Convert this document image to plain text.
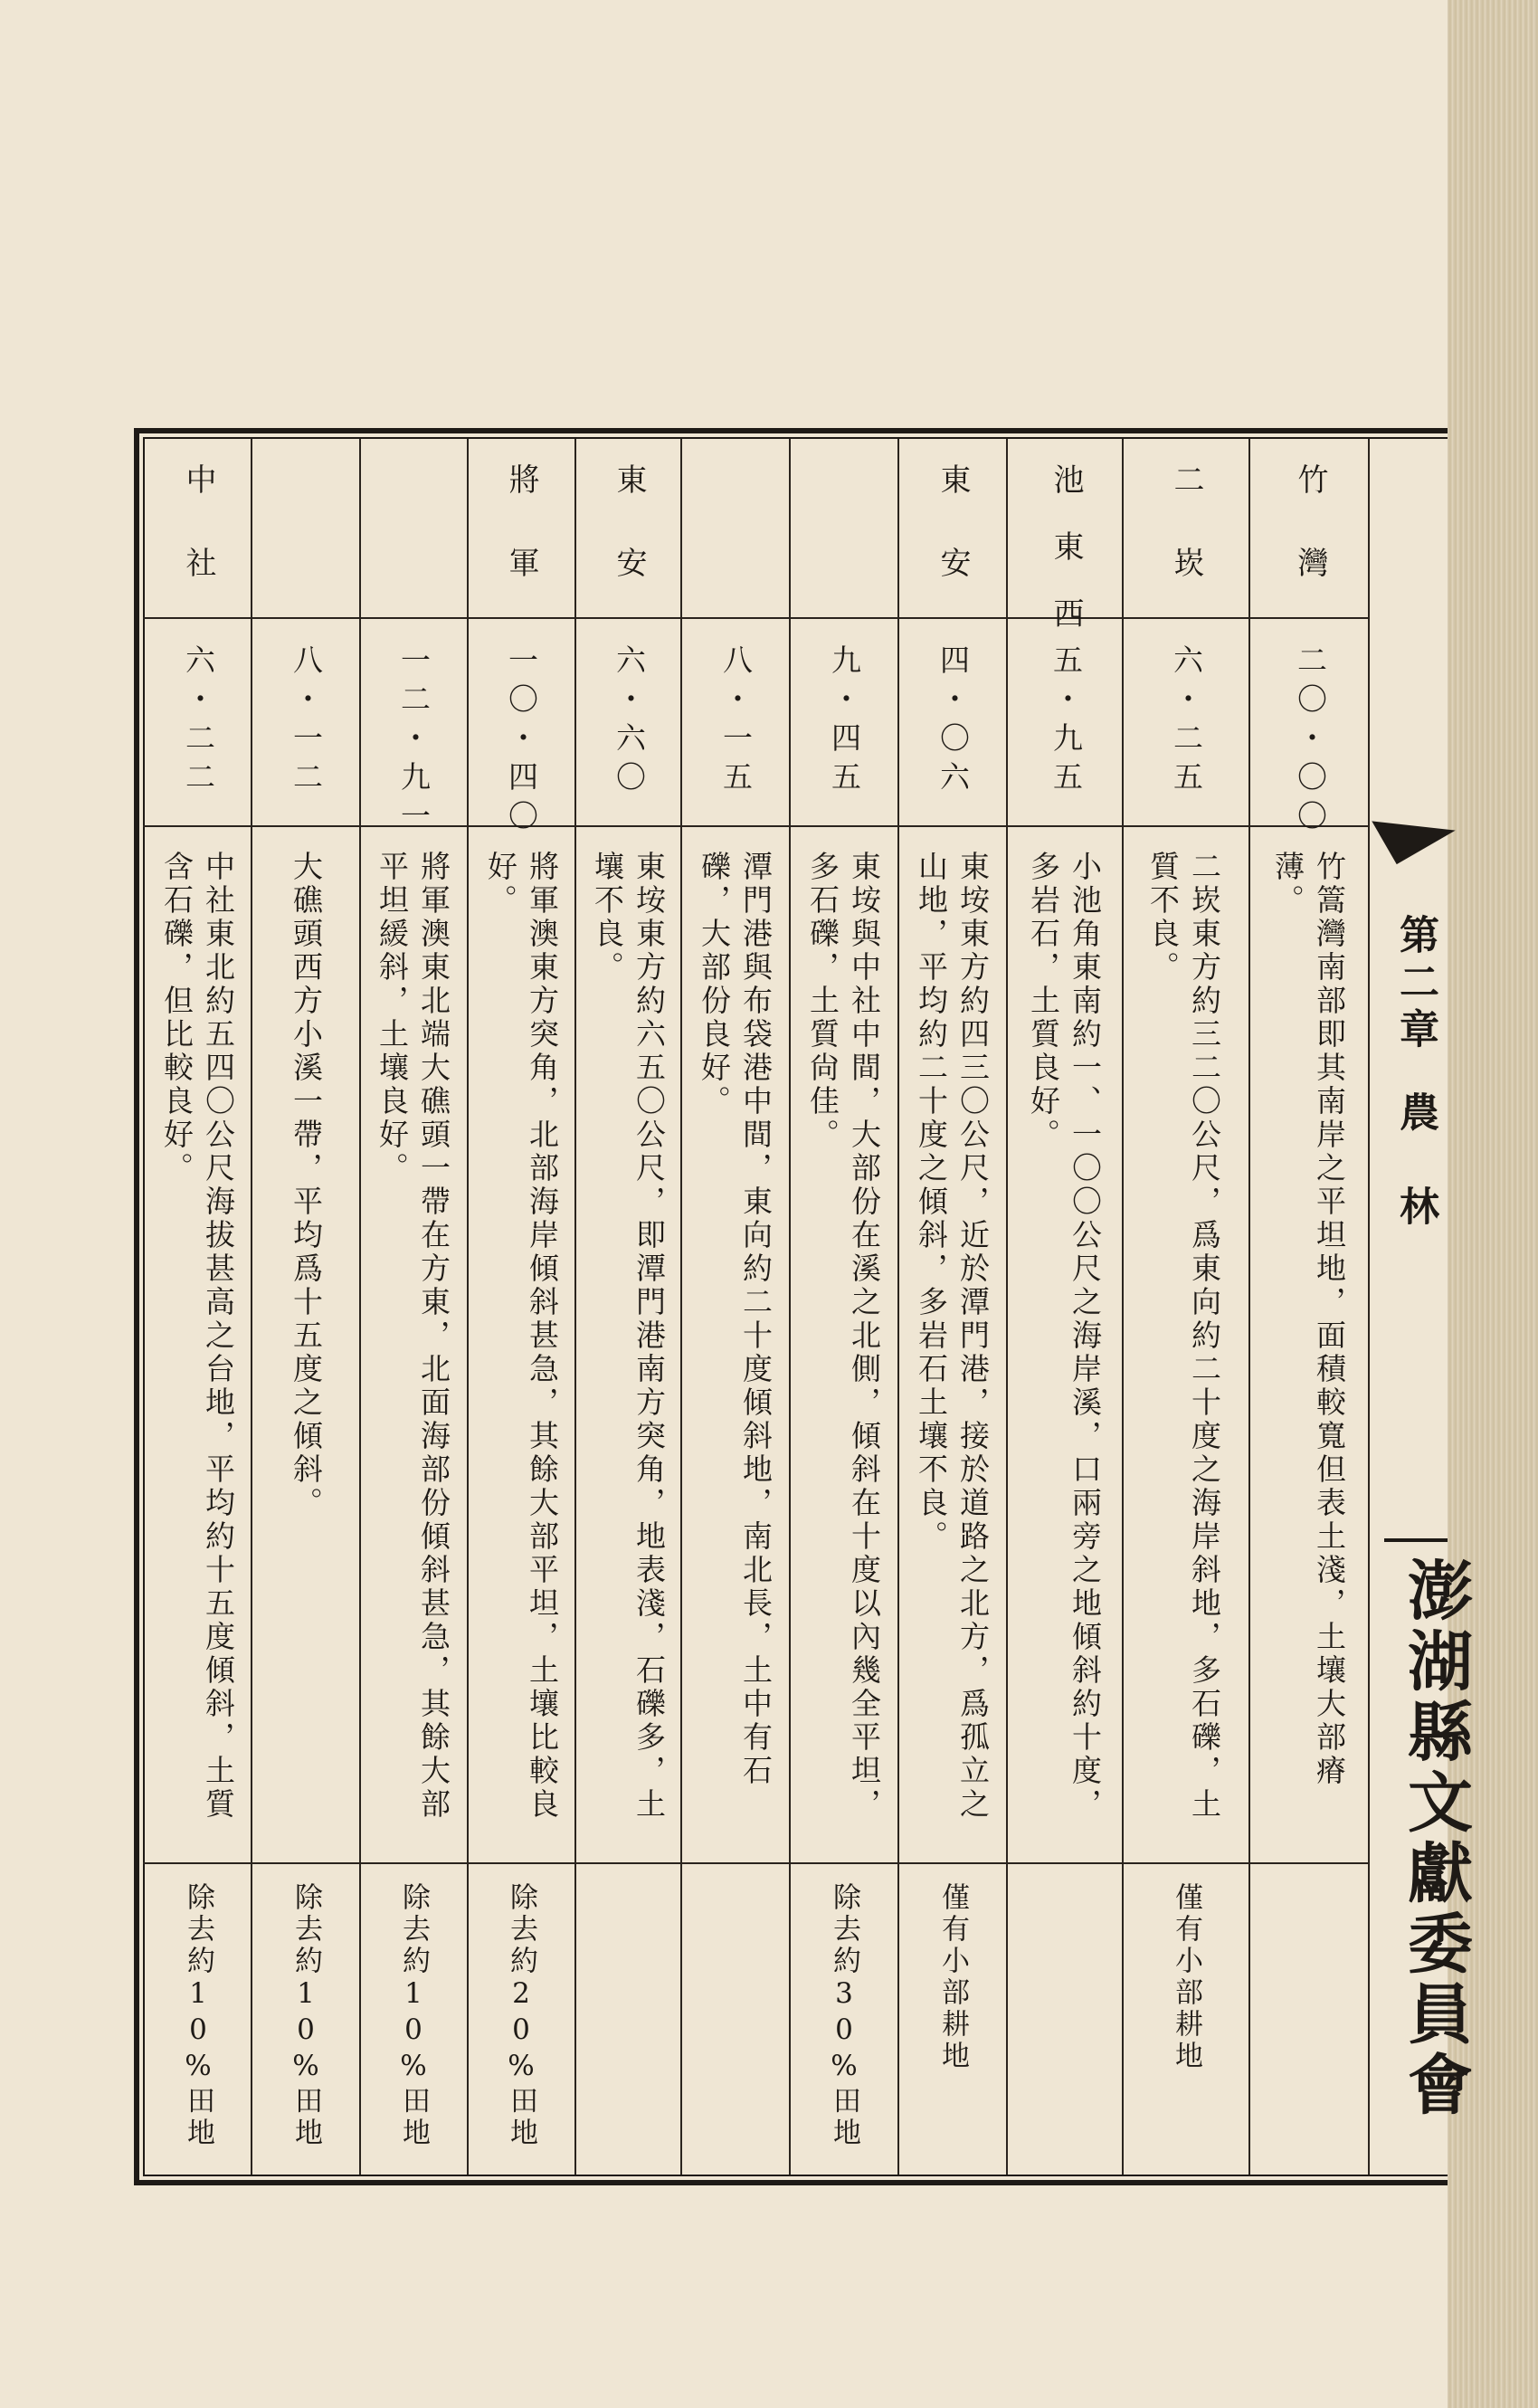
竹灣
二〇・〇〇
竹篙灣南部即其南岸之平坦地，面積較寬但表土淺，土壤大部瘠薄。
二崁
六・二五
二崁東方約三二〇公尺，爲東向約二十度之海岸斜地，多石礫，土質不良。
僅有小部耕地
池東西
五・九五
小池角東南約一、一〇〇公尺之海岸溪，口兩旁之地傾斜約十度，多岩石，土質良好。
東安
四・〇六
東垵東方約四三〇公尺，近於潭門港，接於道路之北方，爲孤立之山地，平均約二十度之傾斜，多岩石土壤不良。
僅有小部耕地
九・四五
東垵與中社中間，大部份在溪之北側，傾斜在十度以內幾全平坦，多石礫，土質尙佳。
除去約30%田地
八・一五
潭門港與布袋港中間，東向約二十度傾斜地，南北長，土中有石礫，大部份良好。
東安
六・六〇
東垵東方約六五〇公尺，即潭門港南方突角，地表淺，石礫多，土壤不良。
將軍
一〇・四〇
將軍澳東方突角，北部海岸傾斜甚急，其餘大部平坦，土壤比較良好。
除去約20%田地
一二・九一
將軍澳東北端大礁頭一帶在方東，北面海部份傾斜甚急，其餘大部平坦緩斜，土壤良好。
除去約10%田地
八・一二
大礁頭西方小溪一帶，平均爲十五度之傾斜。
除去約10%田地
中社
六・二二
中社東北約五四〇公尺海拔甚高之台地，平均約十五度傾斜，土質含石礫，但比較良好。
除去約10%田地
第二章農　林
澎湖縣文獻委員會
